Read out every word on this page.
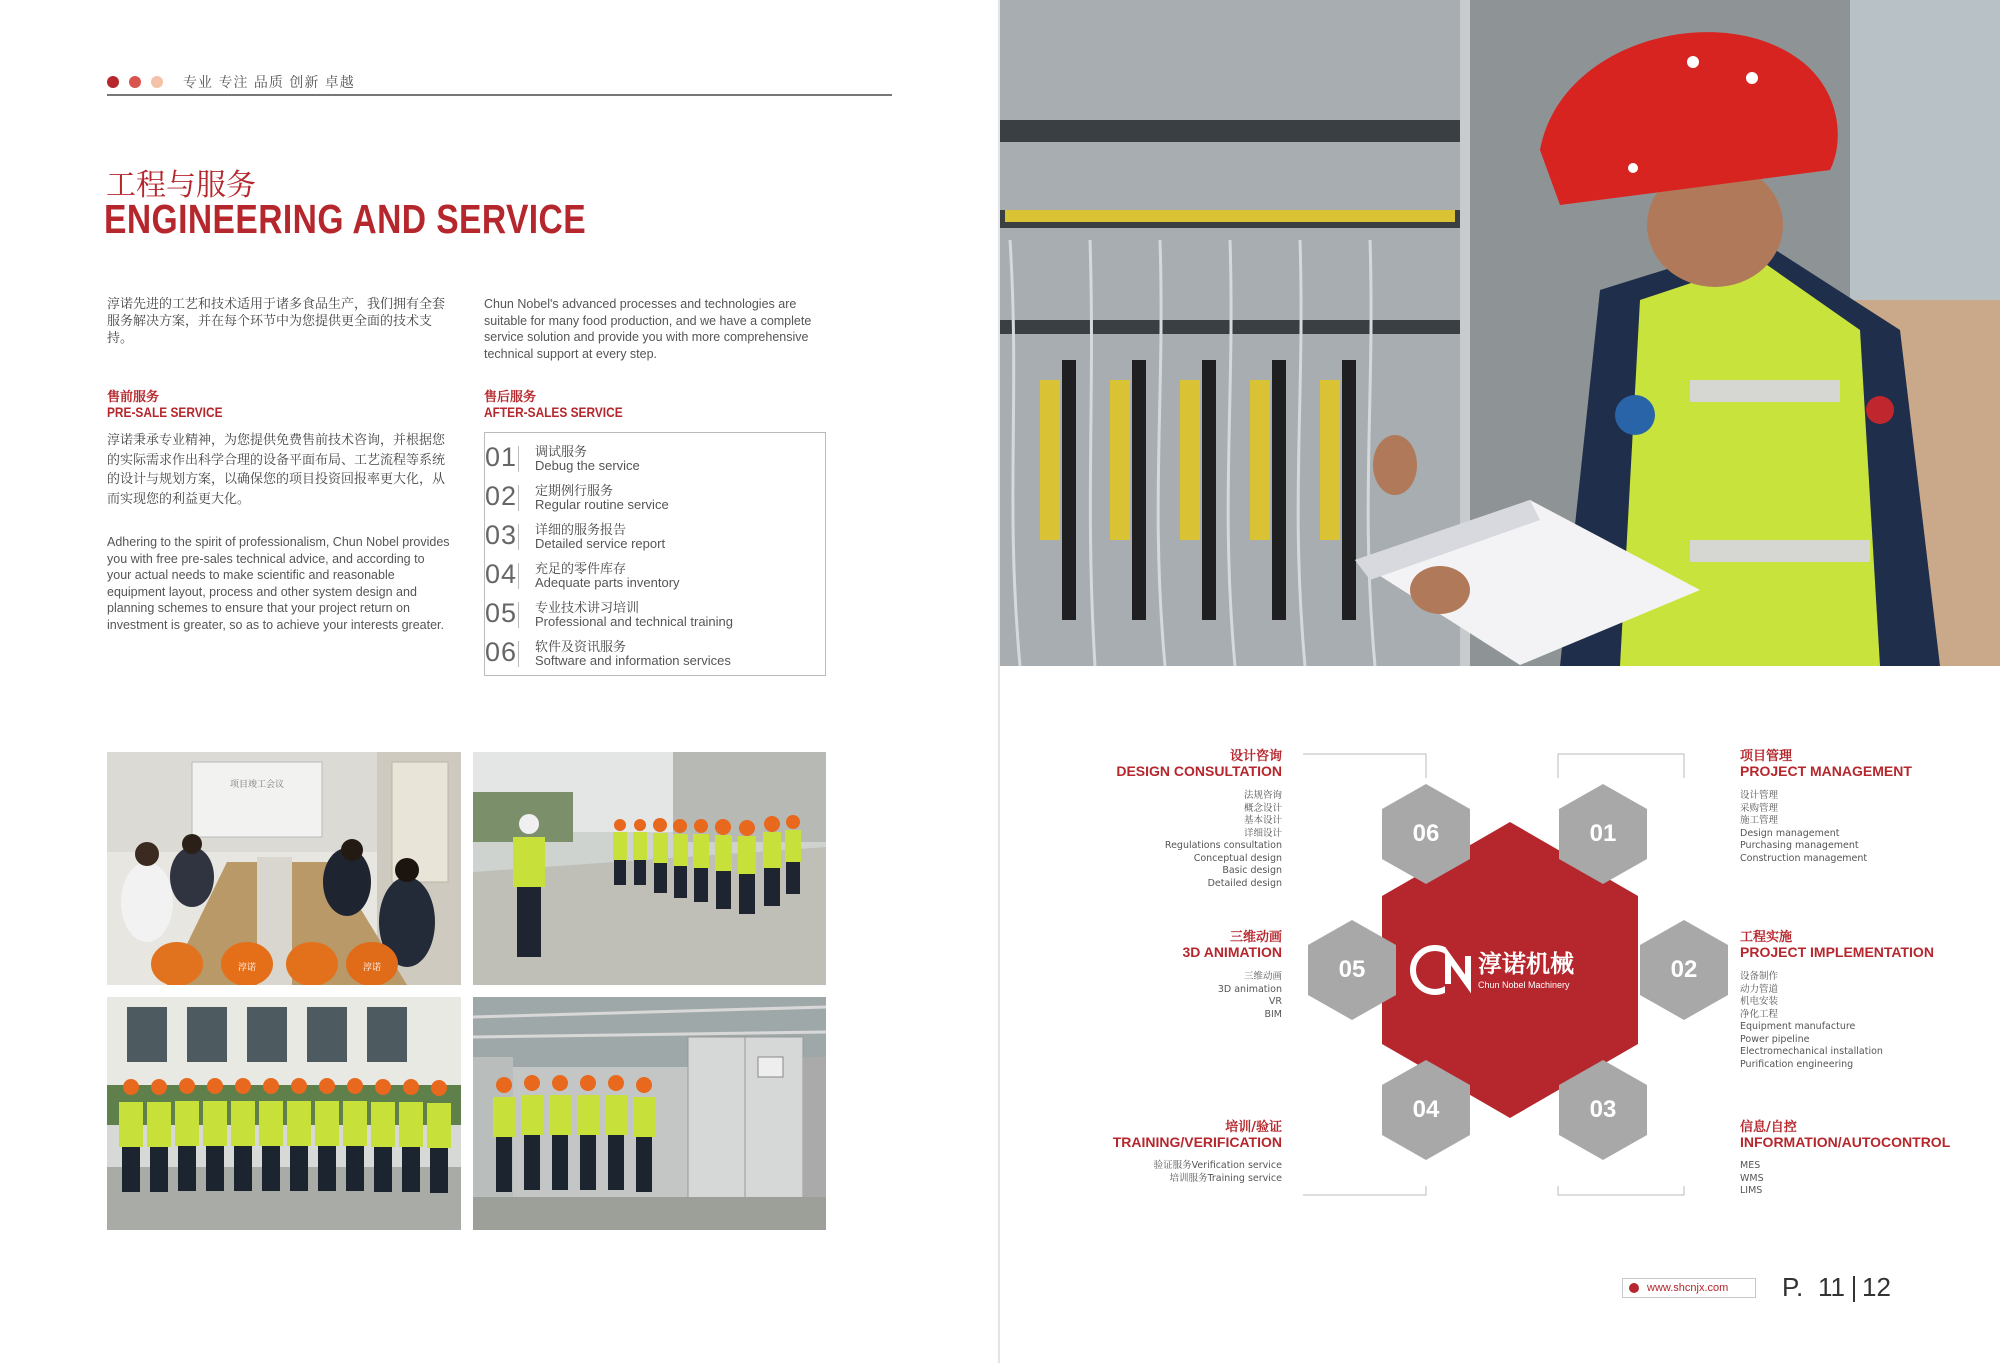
专业 专注 品质 创新 卓越
工程与服务
ENGINEERING AND SERVICE
淳诺先进的工艺和技术适用于诸多食品生产，我们拥有全套服务解决方案，并在每个环节中为您提供更全面的技术支持。
Chun Nobel's advanced processes and technologies are suitable for many food production, and we have a complete service solution and provide you with more comprehensive technical support at every step.
售前服务
PRE-SALE SERVICE
淳诺秉承专业精神，为您提供免费售前技术咨询，并根据您的实际需求作出科学合理的设备平面布局、工艺流程等系统的设计与规划方案，以确保您的项目投资回报率更大化，从而实现您的利益更大化。
Adhering to the spirit of professionalism, Chun Nobel provides you with free pre-sales technical advice, and according to your actual needs to make scientific and reasonable equipment layout, process and other system design and planning schemes to ensure that your project return on investment is greater, so as to achieve your interests greater.
售后服务
AFTER-SALES SERVICE
01 调试服务
Debug the service
02 定期例行服务
Regular routine service
03 详细的服务报告
Detailed service report
04 充足的零件库存
Adequate parts inventory
05 专业技术讲习培训
Professional and technical training
06 软件及资讯服务
Software and information services
项目竣工会议
淳诺	淳诺	淳诺机械
Chun Nobel Machinery
06	01
02
03
04
05
设计咨询
DESIGN CONSULTATION
法规咨询
概念设计
基本设计
详细设计
Regulations consultation
Conceptual design
Basic design
Detailed design
三维动画
3D ANIMATION
三维动画
3D animation
VR
BIM
培训/验证
TRAINING/VERIFICATION
验证服务Verification service
培训服务Training service
项目管理
PROJECT MANAGEMENT
设计管理
采购管理
施工管理
Design management
Purchasing management
Construction management
工程实施
PROJECT IMPLEMENTATION
设备制作
动力管道
机电安装
净化工程
Equipment manufacture
Power pipeline
Electromechanical installation
Purification engineering
信息/自控
INFORMATION/AUTOCONTROL
MES
WMS
LIMS
www.shcnjx.com	P. 11 12
